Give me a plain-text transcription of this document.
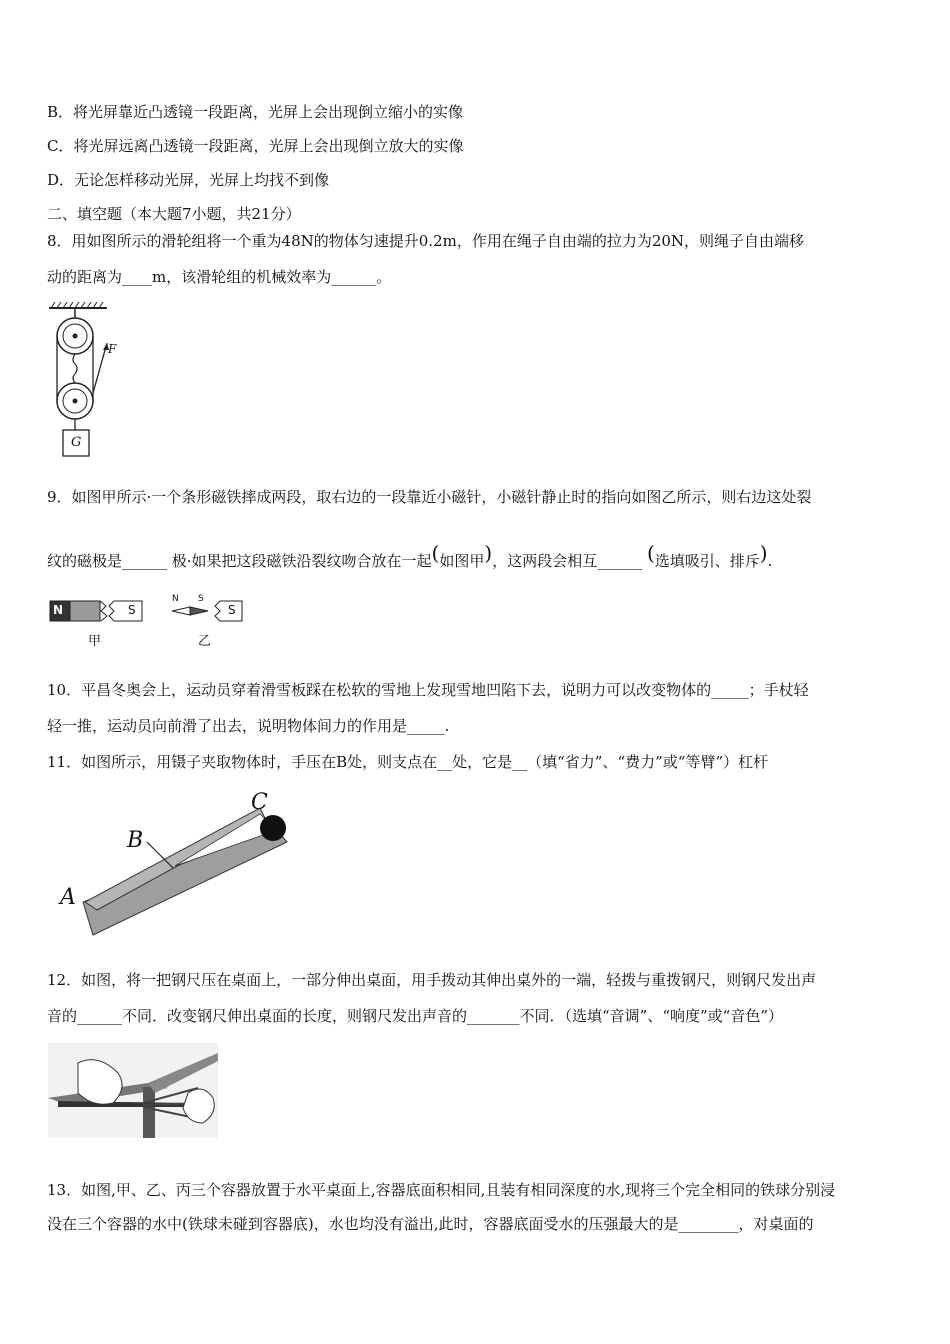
B．将光屏靠近凸透镜一段距离，光屏上会出现倒立缩小的实像
C．将光屏远离凸透镜一段距离，光屏上会出现倒立放大的实像
D．无论怎样移动光屏，光屏上均找不到像
二、填空题（本大题7小题，共21分）
8．用如图所示的滑轮组将一个重为48N的物体匀速提升0.2m，作用在绳子自由端的拉力为20N，则绳子自由端移
动的距离为____m，该滑轮组的机械效率为______。
F
G
9．如图甲所示·一个条形磁铁摔成两段，取右边的一段靠近小磁针，小磁针静止时的指向如图乙所示，则右边这处裂
纹的磁极是______ 极·如果把这段磁铁沿裂纹吻合放在一起(如图甲)，这两段会相互______ (选填吸引、排斥).
N	S
N S
S
甲	乙
10．平昌冬奥会上，运动员穿着滑雪板踩在松软的雪地上发现雪地凹陷下去，说明力可以改变物体的_____；手杖轻
轻一推，运动员向前滑了出去，说明物体间力的作用是_____.
11．如图所示，用镊子夹取物体时，手压在B处，则支点在__处，它是__（填“省力”、“费力”或“等臂”）杠杆
A
B
C
12．如图，将一把钢尺压在桌面上，一部分伸出桌面，用手拨动其伸出桌外的一端，轻拨与重拨钢尺，则钢尺发出声
音的______不同．改变钢尺伸出桌面的长度，则钢尺发出声音的_______不同．（选填“音调”、“响度”或“音色”）
13．如图,甲、乙、丙三个容器放置于水平桌面上,容器底面积相同,且装有相同深度的水,现将三个完全相同的铁球分别浸
没在三个容器的水中(铁球未碰到容器底)，水也均没有溢出,此时，容器底面受水的压强最大的是________，对桌面的
